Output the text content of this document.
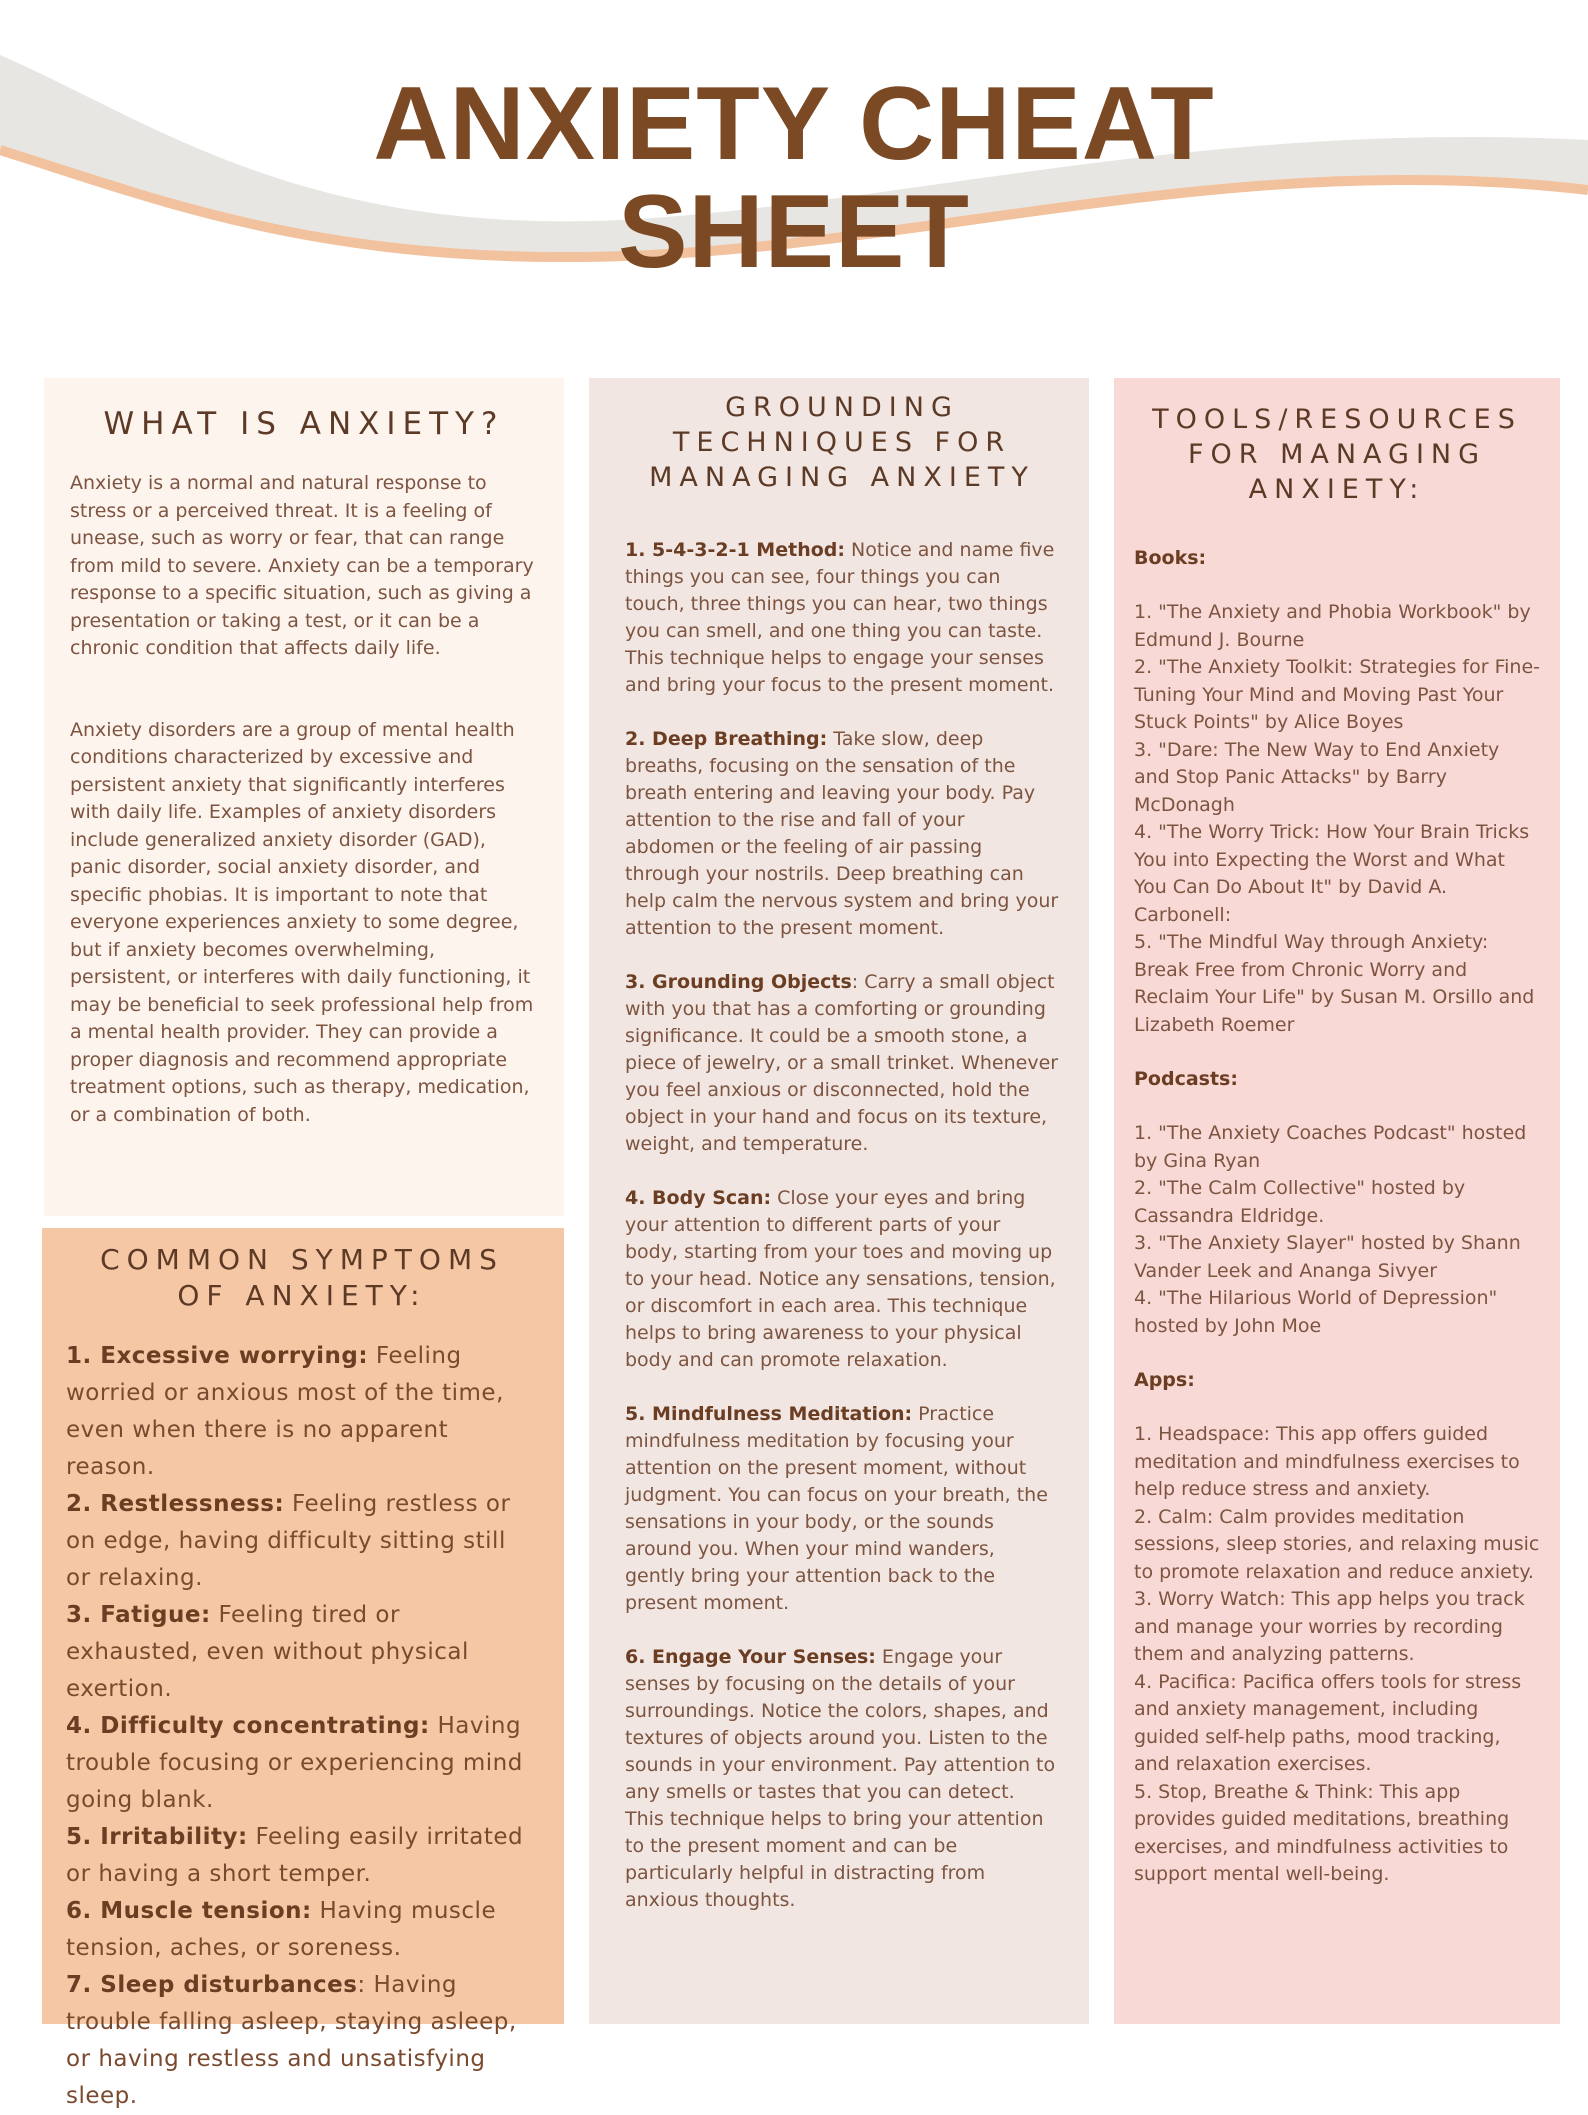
ANXIETY CHEAT
SHEET
WHAT IS ANXIETY?

Anxiety is a normal and natural response to stress or a perceived threat. It is a feeling of unease, such as worry or fear, that can range from mild to severe. Anxiety can be a temporary response to a specific situation, such as giving a presentation or taking a test, or it can be a chronic condition that affects daily life.

Anxiety disorders are a group of mental health conditions characterized by excessive and persistent anxiety that significantly interferes with daily life. Examples of anxiety disorders include generalized anxiety disorder (GAD), panic disorder, social anxiety disorder, and specific phobias. It is important to note that everyone experiences anxiety to some degree, but if anxiety becomes overwhelming, persistent, or interferes with daily functioning, it may be beneficial to seek professional help from a mental health provider. They can provide a proper diagnosis and recommend appropriate treatment options, such as therapy, medication, or a combination of both.

COMMON SYMPTOMS
OF ANXIETY:

1. Excessive worrying: Feeling worried or anxious most of the time, even when there is no apparent reason.

2. Restlessness: Feeling restless or on edge, having difficulty sitting still or relaxing.

3. Fatigue: Feeling tired or exhausted, even without physical exertion.

4. Difficulty concentrating: Having trouble focusing or experiencing mind going blank.

5. Irritability: Feeling easily irritated or having a short temper.

6. Muscle tension: Having muscle tension, aches, or soreness.

7. Sleep disturbances: Having trouble falling asleep, staying asleep, or having restless and unsatisfying sleep.

GROUNDING
TECHNIQUES FOR
MANAGING ANXIETY

1. 5-4-3-2-1 Method: Notice and name five things you can see, four things you can touch, three things you can hear, two things you can smell, and one thing you can taste. This technique helps to engage your senses and bring your focus to the present moment.

2. Deep Breathing: Take slow, deep breaths, focusing on the sensation of the breath entering and leaving your body. Pay attention to the rise and fall of your abdomen or the feeling of air passing through your nostrils. Deep breathing can help calm the nervous system and bring your attention to the present moment.

3. Grounding Objects: Carry a small object with you that has a comforting or grounding significance. It could be a smooth stone, a piece of jewelry, or a small trinket. Whenever you feel anxious or disconnected, hold the object in your hand and focus on its texture, weight, and temperature.

4. Body Scan: Close your eyes and bring your attention to different parts of your body, starting from your toes and moving up to your head. Notice any sensations, tension, or discomfort in each area. This technique helps to bring awareness to your physical body and can promote relaxation.

5. Mindfulness Meditation: Practice mindfulness meditation by focusing your attention on the present moment, without judgment. You can focus on your breath, the sensations in your body, or the sounds around you. When your mind wanders, gently bring your attention back to the present moment.

6. Engage Your Senses: Engage your senses by focusing on the details of your surroundings. Notice the colors, shapes, and textures of objects around you. Listen to the sounds in your environment. Pay attention to any smells or tastes that you can detect. This technique helps to bring your attention to the present moment and can be particularly helpful in distracting from anxious thoughts.

TOOLS/RESOURCES
FOR MANAGING
ANXIETY:

Books:

1. "The Anxiety and Phobia Workbook" by Edmund J. Bourne

2. "The Anxiety Toolkit: Strategies for Fine-Tuning Your Mind and Moving Past Your Stuck Points" by Alice Boyes

3. "Dare: The New Way to End Anxiety and Stop Panic Attacks" by Barry McDonagh

4. "The Worry Trick: How Your Brain Tricks You into Expecting the Worst and What You Can Do About It" by David A. Carbonell:

5. "The Mindful Way through Anxiety: Break Free from Chronic Worry and Reclaim Your Life" by Susan M. Orsillo and Lizabeth Roemer

Podcasts:

1. "The Anxiety Coaches Podcast" hosted by Gina Ryan

2. "The Calm Collective" hosted by Cassandra Eldridge.

3. "The Anxiety Slayer" hosted by Shann Vander Leek and Ananga Sivyer

4. "The Hilarious World of Depression" hosted by John Moe

Apps:

1. Headspace: This app offers guided meditation and mindfulness exercises to help reduce stress and anxiety.

2. Calm: Calm provides meditation sessions, sleep stories, and relaxing music to promote relaxation and reduce anxiety.

3. Worry Watch: This app helps you track and manage your worries by recording them and analyzing patterns.

4. Pacifica: Pacifica offers tools for stress and anxiety management, including guided self-help paths, mood tracking, and relaxation exercises.

5. Stop, Breathe & Think: This app provides guided meditations, breathing exercises, and mindfulness activities to support mental well-being.
